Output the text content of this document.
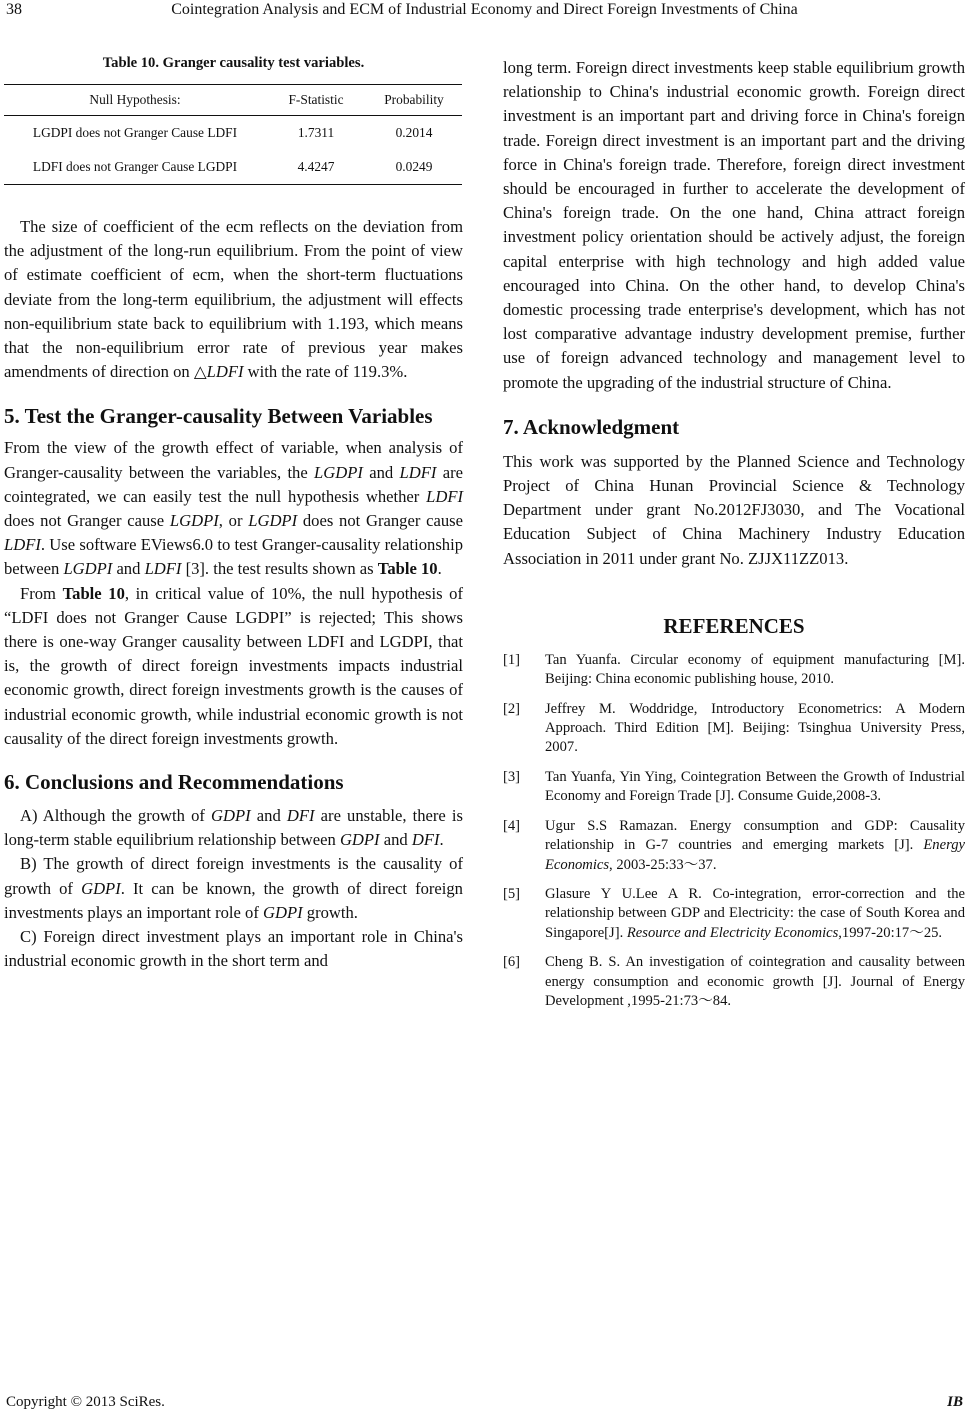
38	Cointegration Analysis and ECM of Industrial Economy and Direct Foreign Investments of China
Table 10. Granger causality test variables.
Null Hypothesis:	F-Statistic	Probability
LGDPI does not Granger Cause LDFI	1.7311	0.2014
LDFI does not Granger Cause LGDPI	4.4247	0.0249

The size of coefficient of the ecm reflects on the deviation from the adjustment of the long-run equilibrium. From the point of view of estimate coefficient of ecm, when the short-term fluctuations deviate from the long-term equilibrium, the adjustment will effects non-equilibrium state back to equilibrium with 1.193, which means that the non-equilibrium error rate of previous year makes amendments of direction on △LDFI with the rate of 119.3%.

5. Test the Granger-causality Between Variables

From the view of the growth effect of variable, when analysis of Granger-causality between the variables, the LGDPI and LDFI are cointegrated, we can easily test the null hypothesis whether LDFI does not Granger cause LGDPI, or LGDPI does not Granger cause LDFI. Use software EViews6.0 to test Granger-causality relationship between LGDPI and LDFI [3]. the test results shown as Table 10.

From Table 10, in critical value of 10%, the null hypothesis of “LDFI does not Granger Cause LGDPI” is rejected; This shows there is one-way Granger causality between LDFI and LGDPI, that is, the growth of direct foreign investments impacts industrial economic growth, direct foreign investments growth is the causes of industrial economic growth, while industrial economic growth is not causality of the direct foreign investments growth.

6. Conclusions and Recommendations

A) Although the growth of GDPI and DFI are unstable, there is long-term stable equilibrium relationship between GDPI and DFI.

B) The growth of direct foreign investments is the causality of growth of GDPI. It can be known, the growth of direct foreign investments plays an important role of GDPI growth.

C) Foreign direct investment plays an important role in China's industrial economic growth in the short term and

long term. Foreign direct investments keep stable equilibrium growth relationship to China's industrial economic growth. Foreign direct investment is an important part and driving force in China's foreign trade. Foreign direct investment is an important part and the driving force in China's foreign trade. Therefore, foreign direct investment should be encouraged in further to accelerate the development of China's foreign trade. On the one hand, China attract foreign investment policy orientation should be actively adjust, the foreign capital enterprise with high technology and high added value encouraged into China. On the other hand, to develop China's domestic processing trade enterprise's development, which has not lost comparative advantage industry development premise, further use of foreign advanced technology and management level to promote the upgrading of the industrial structure of China.

7. Acknowledgment

This work was supported by the Planned Science and Technology Project of China Hunan Provincial Science & Technology Department under grant No.2012FJ3030, and The Vocational Education Subject of China Machinery Industry Education Association in 2011 under grant No. ZJJX11ZZ013.

REFERENCES
[1] Tan Yuanfa. Circular economy of equipment manufacturing [M]. Beijing: China economic publishing house, 2010.
[2] Jeffrey M. Woddridge, Introductory Econometrics: A Modern Approach. Third Edition [M]. Beijing: Tsinghua University Press, 2007.
[3] Tan Yuanfa, Yin Ying, Cointegration Between the Growth of Industrial Economy and Foreign Trade [J]. Consume Guide,2008-3.
[4] Ugur S.S Ramazan. Energy consumption and GDP: Causality relationship in G-7 countries and emerging markets [J]. Energy Economics, 2003-25:33～37.
[5] Glasure Y U.Lee A R. Co-integration, error-correction and the relationship between GDP and Electricity: the case of South Korea and Singapore[J]. Resource and Electricity Economics,1997-20:17～25.
[6] Cheng B. S. An investigation of cointegration and causality between energy consumption and economic growth [J]. Journal of Energy Development ,1995-21:73～84.
Copyright © 2013 SciRes.	IB
